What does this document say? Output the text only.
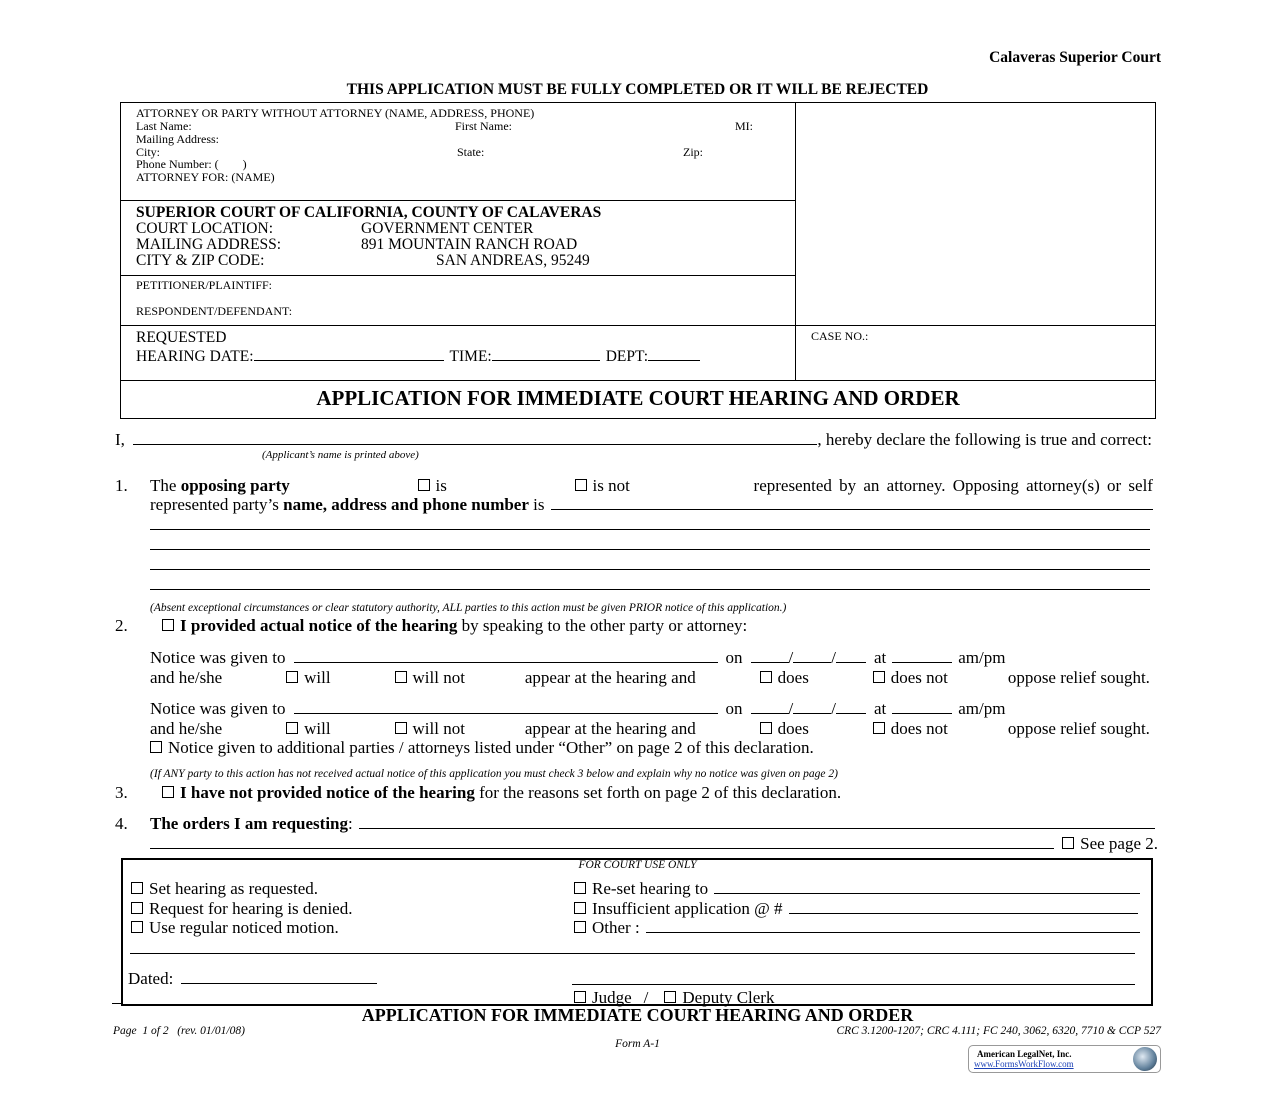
Calaveras Superior Court
THIS APPLICATION MUST BE FULLY COMPLETED OR IT WILL BE REJECTED
ATTORNEY OR PARTY WITHOUT ATTORNEY (NAME, ADDRESS, PHONE)
Last Name:	First Name:	MI:
Mailing Address:
City:	State:	Zip:
Phone Number: (        )
ATTORNEY FOR: (NAME)
SUPERIOR COURT OF CALIFORNIA, COUNTY OF CALAVERAS
COURT LOCATION:	GOVERNMENT CENTER
MAILING ADDRESS:	891 MOUNTAIN RANCH ROAD
CITY & ZIP CODE:	SAN ANDREAS, 95249
PETITIONER/PLAINTIFF:
RESPONDENT/DEFENDANT:
REQUESTED
HEARING DATE:	TIME:	DEPT:
CASE NO.:
APPLICATION FOR IMMEDIATE COURT HEARING AND ORDER
I,	, hereby declare the following is true and correct:
(Applicant’s name is printed above)
1. The opposing party	is	is not	represented by an attorney. Opposing attorney(s) or self
represented party’s
name, address and phone number
is
(Absent exceptional circumstances or clear statutory authority, ALL parties to this action must be given PRIOR notice of this application.)
2.	I provided actual notice of the hearing
by speaking to the other party or attorney:
Notice was given to	on	/ / at	am/pm
and he/she	will	will not	appear at the hearing and	does	does not	oppose relief sought.
Notice was given to	on	/ / at	am/pm
and he/she	will	will not	appear at the hearing and	does	does not	oppose relief sought.
Notice given to additional parties / attorneys listed under “Other” on page 2 of this declaration.
(If ANY party to this action has not received actual notice of this application you must check 3 below and explain why no notice was given on page 2)
3.	I have not provided notice of the hearing
for the reasons set forth on page 2 of this declaration.
4. The orders I am requesting :
See page 2.
FOR COURT USE ONLY
Set hearing as requested.
Request for hearing is denied.
Use regular noticed motion.
Re-set hearing to
Insufficient application @ #
Other :
Dated:
Judge / Deputy Clerk
APPLICATION FOR IMMEDIATE COURT HEARING AND ORDER
Page  1 of 2   (rev. 01/01/08)	CRC 3.1200-1207; CRC 4.111; FC 240, 3062, 6320, 7710 & CCP 527
Form A-1
American LegalNet, Inc.
www.FormsWorkFlow.com
